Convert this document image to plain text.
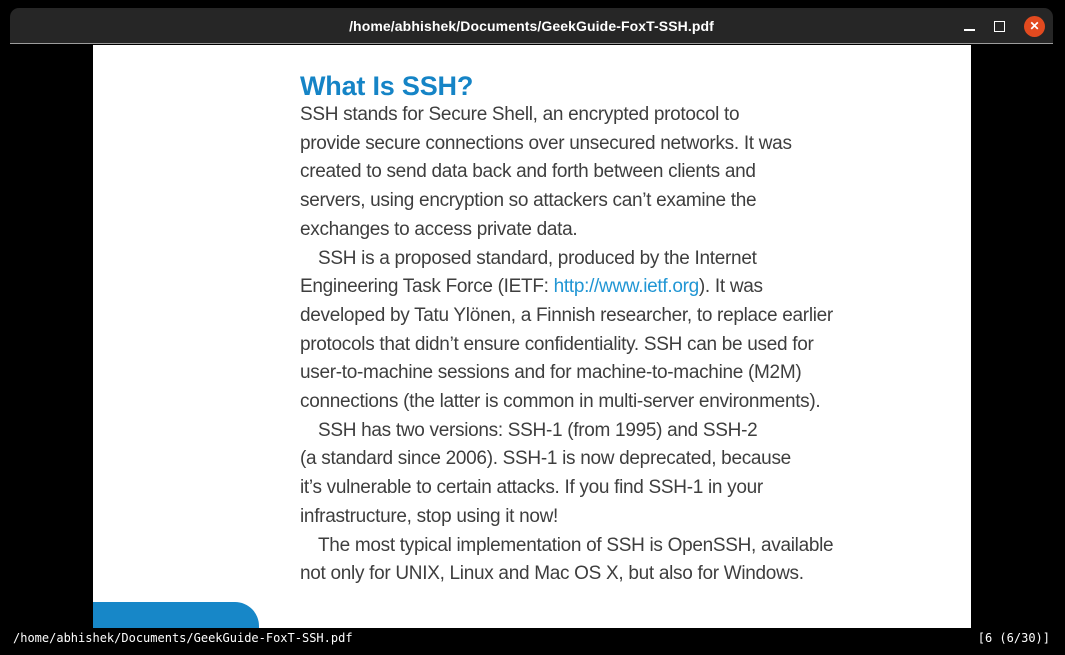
/home/abhishek/Documents/GeekGuide-FoxT-SSH.pdf	✕
What Is SSH?
SSH stands for Secure Shell, an encrypted protocol to
provide secure connections over unsecured networks. It was
created to send data back and forth between clients and
servers, using encryption so attackers can’t examine the
exchanges to access private data.
SSH is a proposed standard, produced by the Internet
Engineering Task Force (IETF: http://www.ietf.org). It was
developed by Tatu Ylönen, a Finnish researcher, to replace earlier
protocols that didn’t ensure confidentiality. SSH can be used for
user-to-machine sessions and for machine-to-machine (M2M)
connections (the latter is common in multi-server environments).
SSH has two versions: SSH-1 (from 1995) and SSH-2
(a standard since 2006). SSH-1 is now deprecated, because
it’s vulnerable to certain attacks. If you find SSH-1 in your
infrastructure, stop using it now!
The most typical implementation of SSH is OpenSSH, available
not only for UNIX, Linux and Mac OS X, but also for Windows.
/home/abhishek/Documents/GeekGuide-FoxT-SSH.pdf	[6 (6/30)]
